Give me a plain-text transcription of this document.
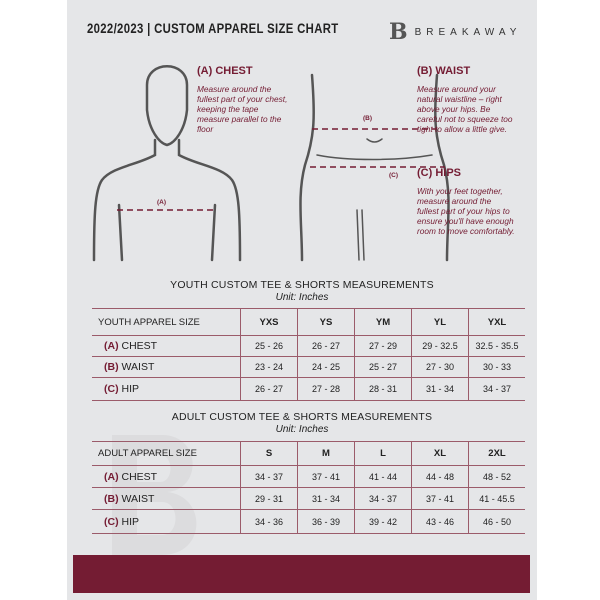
2022/2023 | CUSTOM APPAREL SIZE CHART B BREAKAWAY
(A)
(B)
(C)
(A) CHEST
Measure around the fullest part of your chest, keeping the tape measure parallel to the floor
(B) WAIST
Measure around your natural waistline – right above your hips. Be careful not to squeeze too tight to allow a little give.
(C) HIPS
With your feet together, measure around the fullest part of your hips to ensure you'll have enough room to move comfortably.
YOUTH CUSTOM TEE & SHORTS MEASUREMENTS
Unit: Inches
YOUTH APPAREL SIZE	YXS	YS	YM	YL	YXL
(A) CHEST	25 - 26	26 - 27	27 - 29	29 - 32.5	32.5 - 35.5
(B) WAIST	23 - 24	24 - 25	25 - 27	27 - 30	30 - 33
(C) HIP	26 - 27	27 - 28	28 - 31	31 - 34	34 - 37
ADULT CUSTOM TEE & SHORTS MEASUREMENTS
Unit: Inches
ADULT APPAREL SIZE	S	M	L	XL	2XL
(A) CHEST	34 - 37	37 - 41	41 - 44	44 - 48	48 - 52
(B) WAIST	29 - 31	31 - 34	34 - 37	37 - 41	41 - 45.5
(C) HIP	34 - 36	36 - 39	39 - 42	43 - 46	46 - 50
